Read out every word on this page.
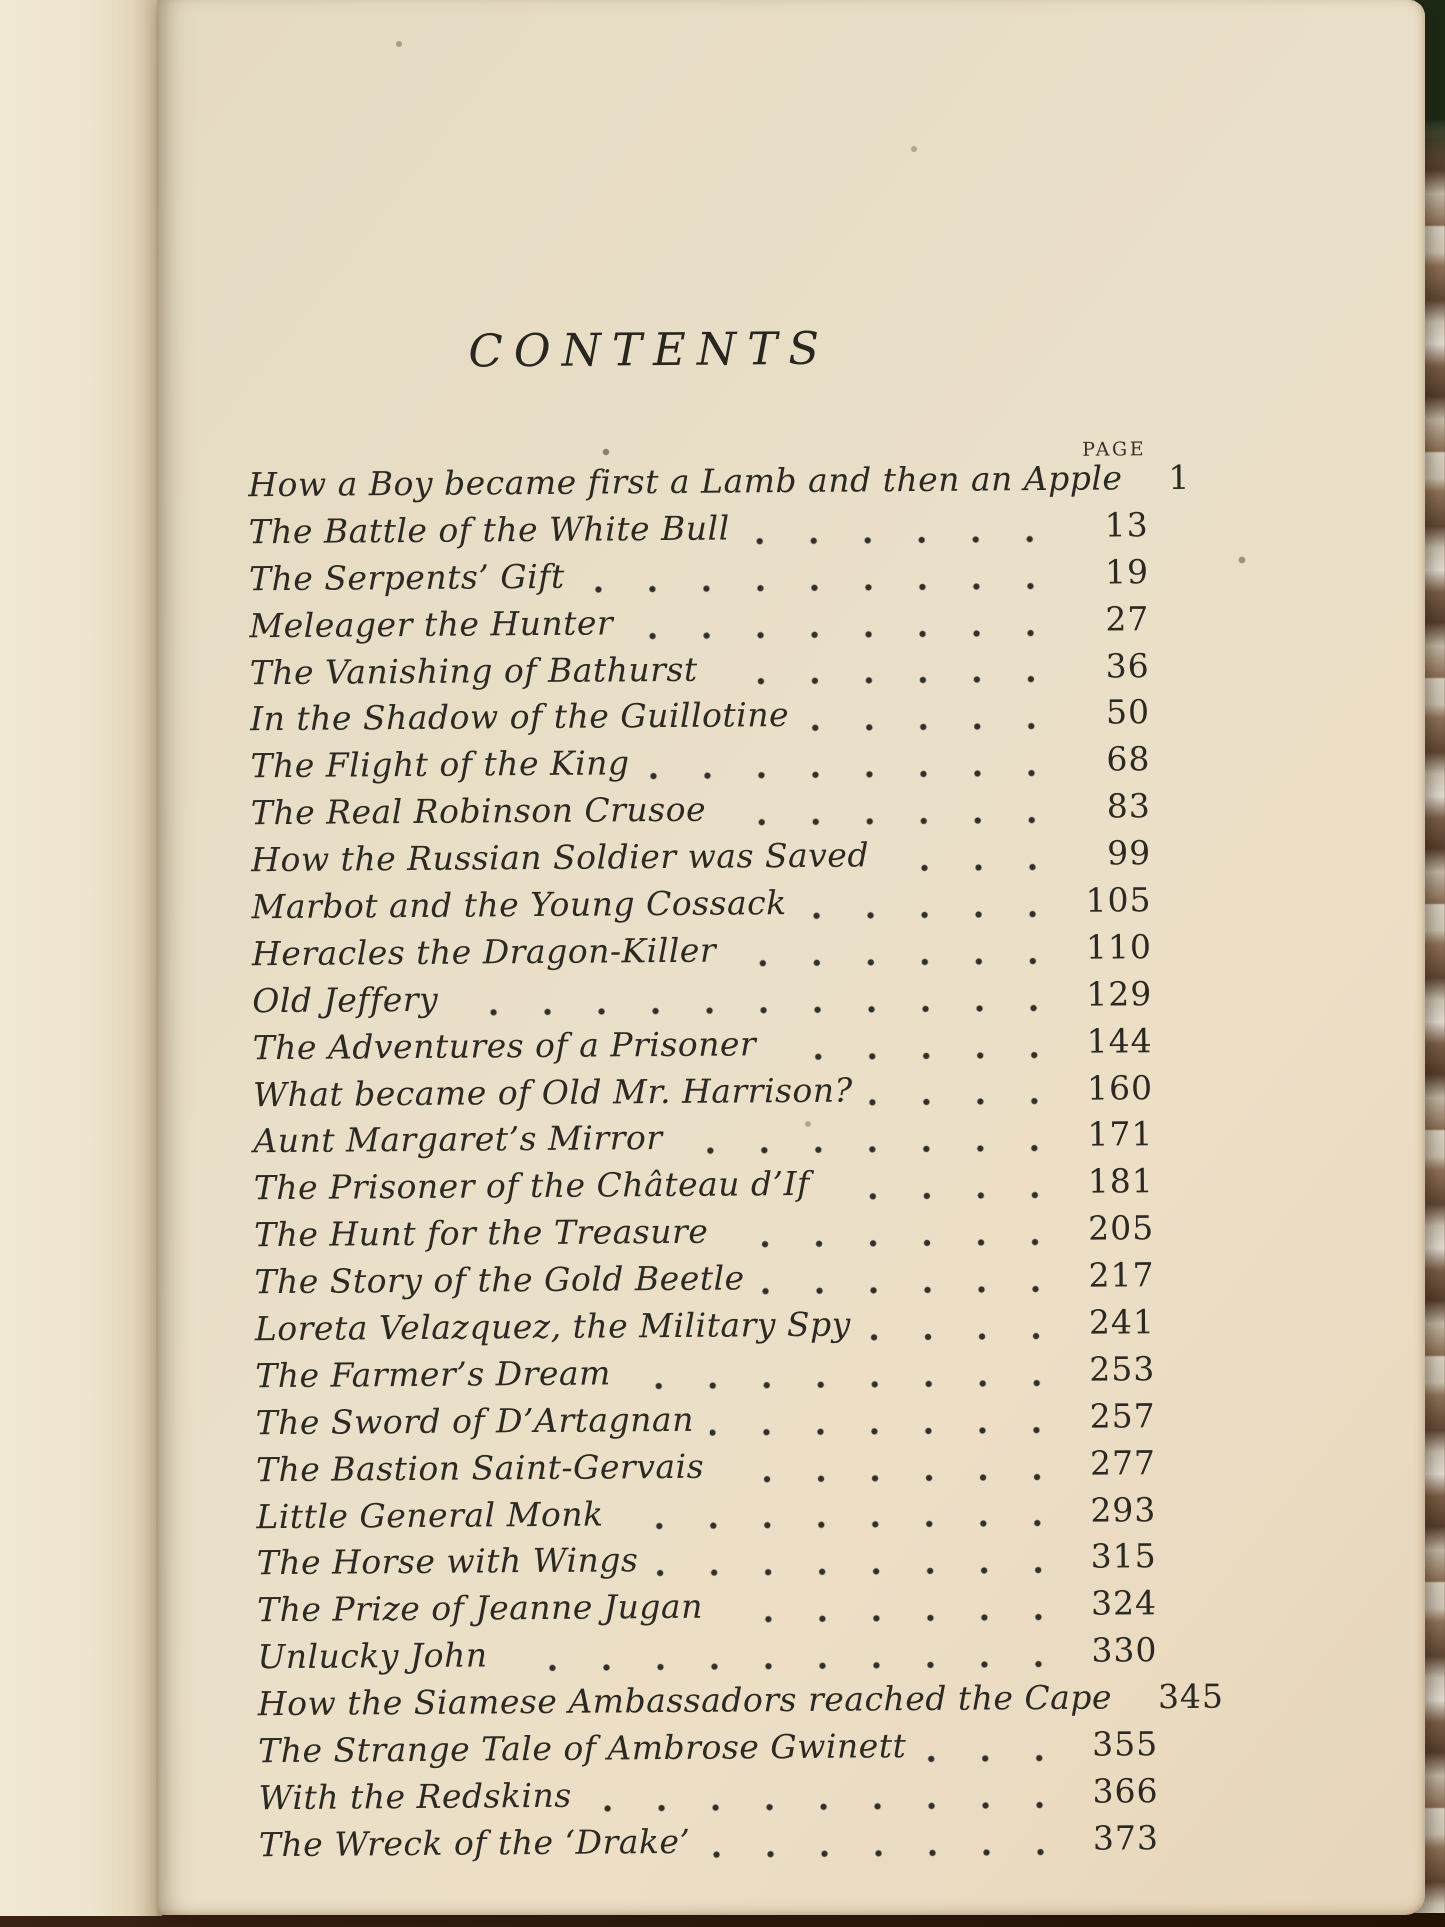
CONTENTS
PAGE
How a Boy became first a Lamb and then an Apple 1
The Battle of the White Bull	13
The Serpents’ Gift	19
Meleager the Hunter	27
The Vanishing of Bathurst	36
In the Shadow of the Guillotine	50
The Flight of the King	68
The Real Robinson Crusoe	83
How the Russian Soldier was Saved	99
Marbot and the Young Cossack	105
Heracles the Dragon-Killer	110
Old Jeffery	129
The Adventures of a Prisoner	144
What became of Old Mr. Harrison?	160
Aunt Margaret’s Mirror	171
The Prisoner of the Château d’If	181
The Hunt for the Treasure	205
The Story of the Gold Beetle	217
Loreta Velazquez, the Military Spy	241
The Farmer’s Dream	253
The Sword of D’Artagnan	257
The Bastion Saint-Gervais	277
Little General Monk	293
The Horse with Wings	315
The Prize of Jeanne Jugan	324
Unlucky John	330
How the Siamese Ambassadors reached the Cape 345
The Strange Tale of Ambrose Gwinett	355
With the Redskins	366
The Wreck of the ‘Drake’	373
